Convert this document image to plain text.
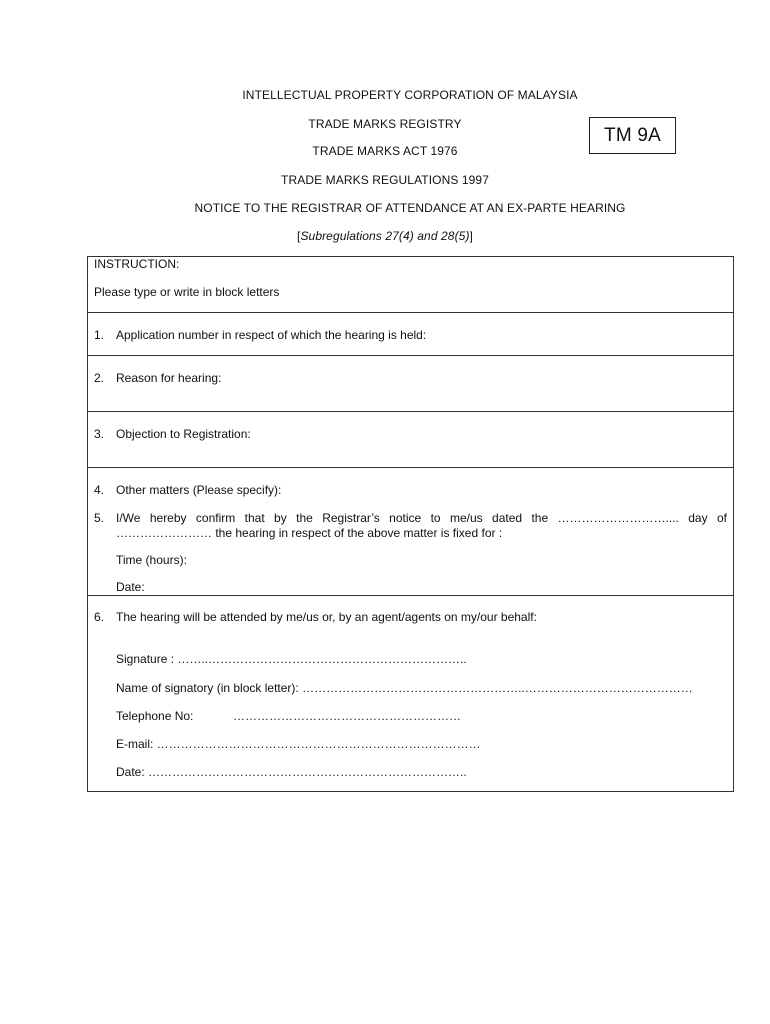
INTELLECTUAL PROPERTY CORPORATION OF MALAYSIA
TRADE MARKS REGISTRY
TRADE MARKS ACT 1976
TRADE MARKS REGULATIONS 1997
NOTICE TO THE REGISTRAR OF ATTENDANCE AT AN EX-PARTE HEARING
[Subregulations 27(4) and 28(5)]
TM 9A
INSTRUCTION:
Please type or write in block letters
1. Application number in respect of which the hearing is held:
2. Reason for hearing:
3. Objection to Registration:
4. Other matters (Please specify):
5. I/We hereby confirm that by the Registrar’s notice to me/us dated the ……………………….... day of …………………… the hearing in respect of the above matter is fixed for :
Time (hours):
Date:
6. The hearing will be attended by me/us or, by an agent/agents on my/our behalf:
Signature : ……..………………………………………………………..
Name of signatory (in block letter): ………………………………………………..……………………………………
Telephone No:	…………………………………………………
E-mail: ………………………………………………………………………
Date: ……………………………………………………………………..
